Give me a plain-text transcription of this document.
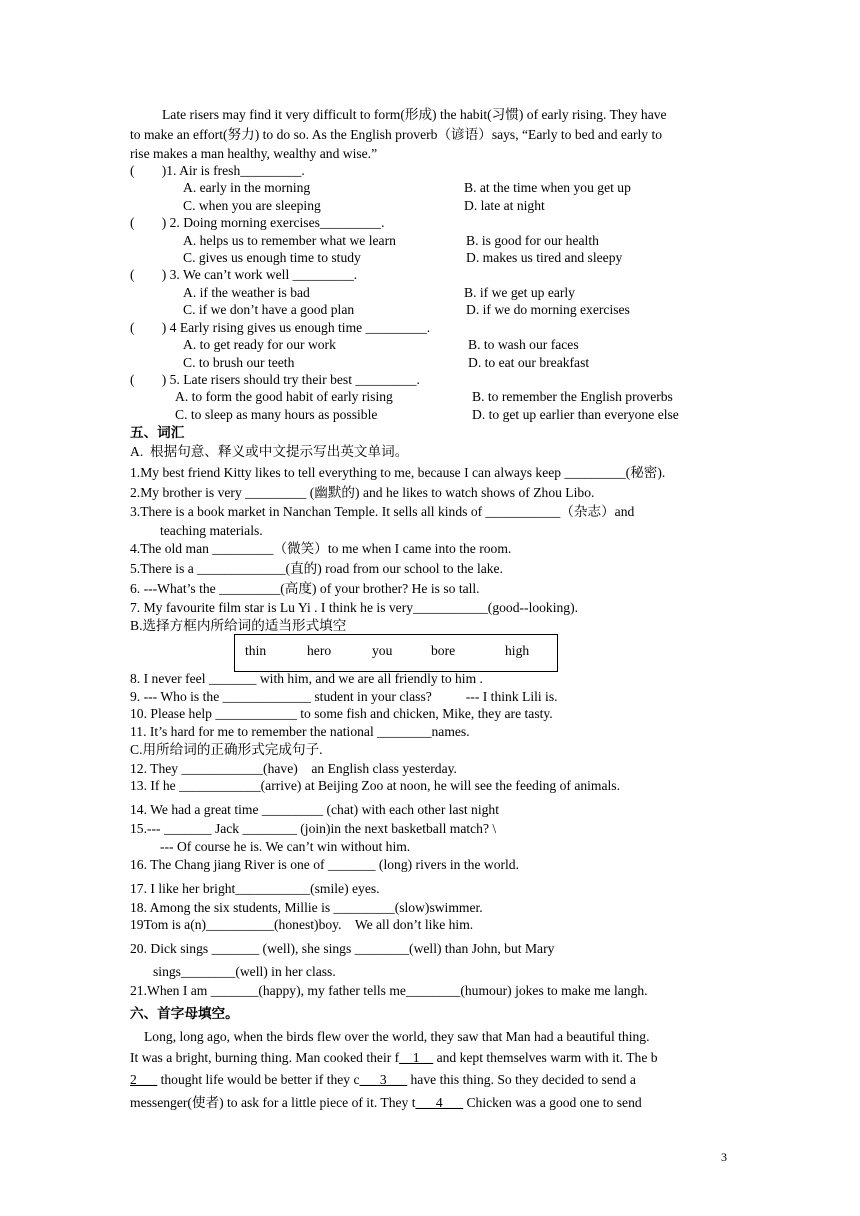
Late risers may find it very difficult to form(形成) the habit(习惯) of early rising. They have
to make an effort(努力) to do so. As the English proverb（谚语）says, “Early to bed and early to
rise makes a man healthy, wealthy and wise.”
(        )1. Air is fresh_________.
A. early in the morning	B. at the time when you get up
C. when you are sleeping	D. late at night
(        ) 2. Doing morning exercises_________.
A. helps us to remember what we learn	B. is good for our health
C. gives us enough time to study	D. makes us tired and sleepy
(        ) 3. We can’t work well _________.
A. if the weather is bad	B. if we get up early
C. if we don’t have a good plan	D. if we do morning exercises
(        ) 4 Early rising gives us enough time _________.
A. to get ready for our work	B. to wash our faces
C. to brush our teeth	D. to eat our breakfast
(        ) 5. Late risers should try their best _________.
A. to form the good habit of early rising	B. to remember the English proverbs
C. to sleep as many hours as possible	D. to get up earlier than everyone else
五、词汇
A.  根据句意、释义或中文提示写出英文单词。
1.My best friend Kitty likes to tell everything to me, because I can always keep _________(秘密).
2.My brother is very _________ (幽默的) and he likes to watch shows of Zhou Libo.
3.There is a book market in Nanchan Temple. It sells all kinds of ___________（杂志）and
teaching materials.
4.The old man _________（微笑）to me when I came into the room.
5.There is a _____________(直的) road from our school to the lake.
6. ---What’s the _________(高度) of your brother? He is so tall.
7. My favourite film star is Lu Yi . I think he is very___________(good--looking).
B.选择方框内所给词的适当形式填空
thin	hero	you	bore	high
8. I never feel _______ with him, and we are all friendly to him .
9. --- Who is the _____________ student in your class?          --- I think Lili is.
10. Please help ____________ to some fish and chicken, Mike, they are tasty.
11. It’s hard for me to remember the national ________names.
C.用所给词的正确形式完成句子.
12. They ____________(have)    an English class yesterday.
13. If he ____________(arrive) at Beijing Zoo at noon, he will see the feeding of animals.
14. We had a great time _________ (chat) with each other last night
15.--- _______ Jack ________ (join)in the next basketball match? \
--- Of course he is. We can’t win without him.
16. The Chang jiang River is one of _______ (long) rivers in the world.
17. I like her bright___________(smile) eyes.
18. Among the six students, Millie is _________(slow)swimmer.
19Tom is a(n)__________(honest)boy.    We all don’t like him.
20. Dick sings _______ (well), she sings ________(well) than John, but Mary
sings________(well) in her class.
21.When I am _______(happy), my father tells me________(humour) jokes to make me langh.
六、首字母填空。
Long, long ago, when the birds flew over the world, they saw that Man had a beautiful thing.
It was a bright, burning thing. Man cooked their f__1__ and kept themselves warm with it. The b
2___ thought life would be better if they c___3___ have this thing. So they decided to send a
messenger(使者) to ask for a little piece of it. They t___4___ Chicken was a good one to send
3
